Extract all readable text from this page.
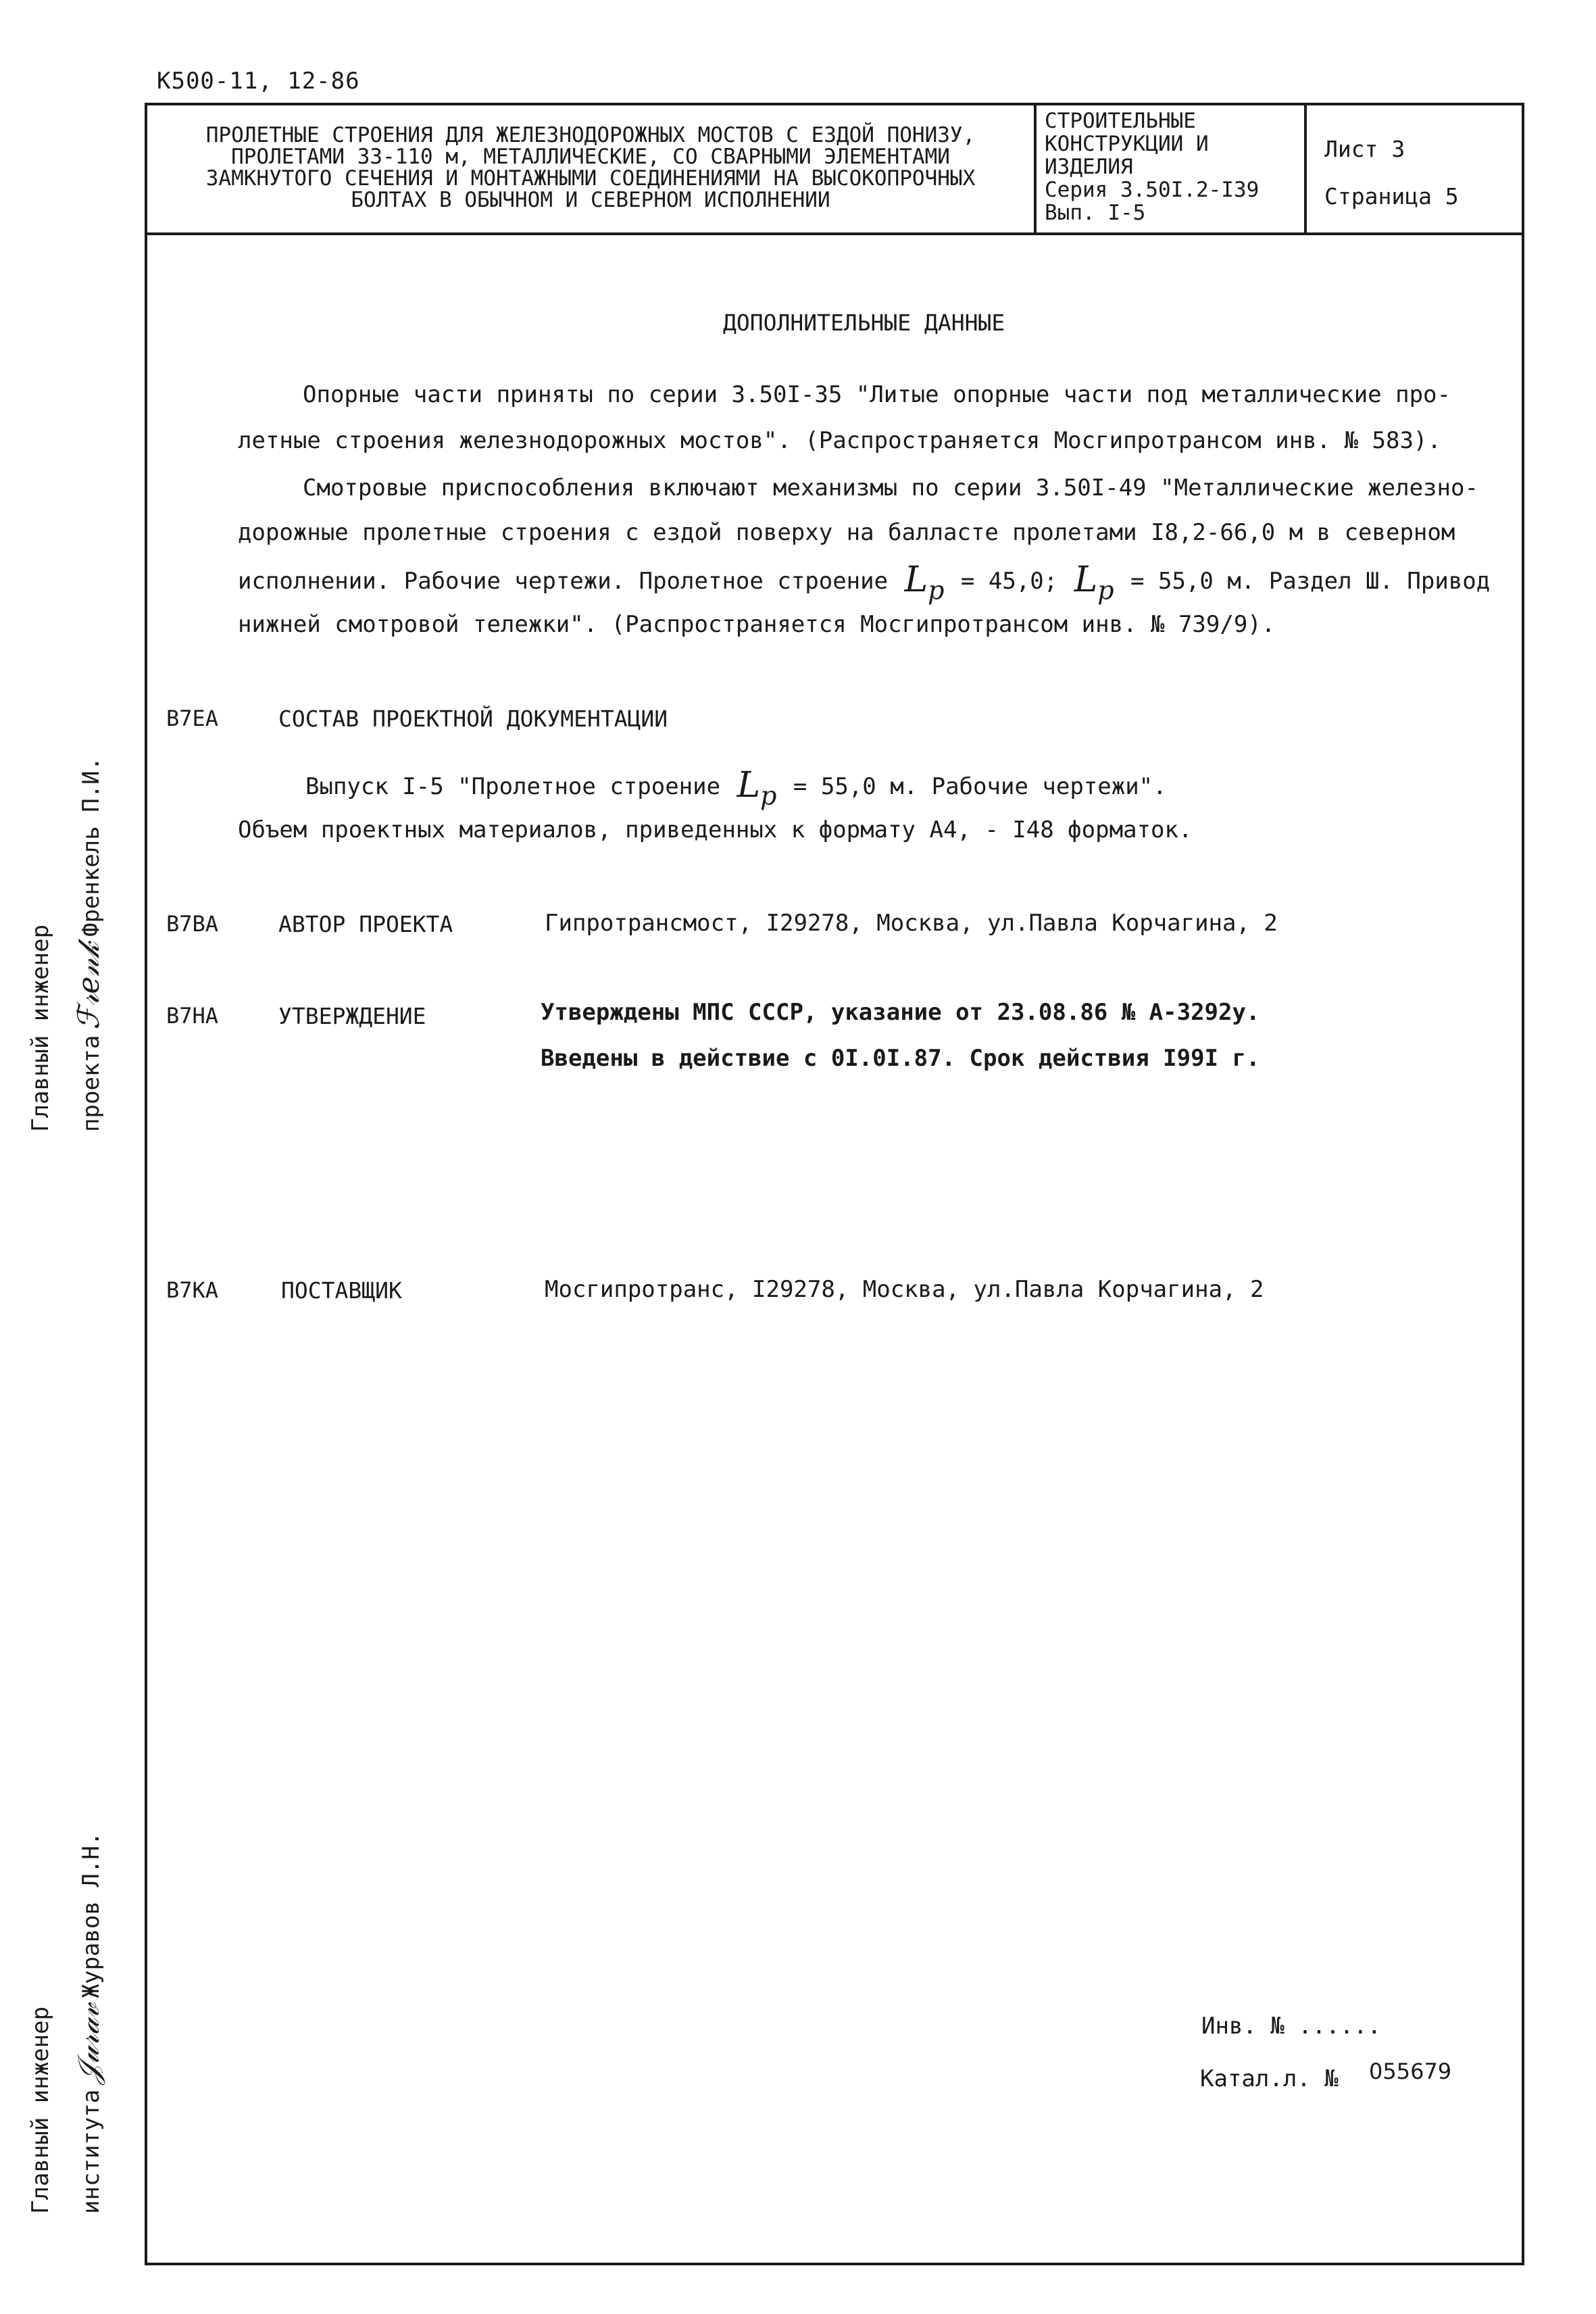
К500-11, 12-86
ПРОЛЕТНЫЕ СТРОЕНИЯ ДЛЯ ЖЕЛЕЗНОДОРОЖНЫХ МОСТОВ С ЕЗДОЙ ПОНИЗУ,
ПРОЛЕТАМИ 33-110 м, МЕТАЛЛИЧЕСКИЕ, СО СВАРНЫМИ ЭЛЕМЕНТАМИ
ЗАМКНУТОГО СЕЧЕНИЯ И МОНТАЖНЫМИ СОЕДИНЕНИЯМИ НА ВЫСОКОПРОЧНЫХ
БОЛТАХ В ОБЫЧНОМ И СЕВЕРНОМ ИСПОЛНЕНИИ
СТРОИТЕЛЬНЫЕ
КОНСТРУКЦИИ И
ИЗДЕЛИЯ
Серия 3.50I.2-I39
Вып. I-5
Лист 3
Страница 5
ДОПОЛНИТЕЛЬНЫЕ ДАННЫЕ
Опорные части приняты по серии 3.50I-35 "Литые опорные части под металлические про-
летные строения железнодорожных мостов". (Распространяется Мосгипротрансом инв. № 583).
Смотровые приспособления включают механизмы по серии 3.50I-49 "Металлические железно-
дорожные пролетные строения с ездой поверху на балласте пролетами I8,2-66,0 м в северном
исполнении. Рабочие чертежи. Пролетное строение $L_p = 45,0$; $L_p = 55,0$ м. Раздел Ш. Привод
нижней смотровой тележки". (Распространяется Мосгипротрансом инв. № 739/9).
В7ЕА	СОСТАВ ПРОЕКТНОЙ ДОКУМЕНТАЦИИ
Выпуск I-5 "Пролетное строение $L_p = 55,0$ м. Рабочие чертежи".
Объем проектных материалов, приведенных к формату А4, - I48 форматок.
В7ВА	АВТОР ПРОЕКТА	Гипротрансмост, I29278, Москва, ул.Павла Корчагина, 2
В7НА	УТВЕРЖДЕНИЕ	Утверждены МПС СССР, указание от 23.08.86 № А-3292у.
Введены в действие с 0I.0I.87. Срок действия I99I г.
В7КА	ПОСТАВЩИК	Мосгипротранс, I29278, Москва, ул.Павла Корчагина, 2
Инв. № ......
Катал.л. № 055679
Главный инженер проектаℱ𝓇𝑒𝓃𝓀Френкель П.И.
Главный инженер института𝒥𝓊𝓇𝒶𝓋Журавов Л.Н.
